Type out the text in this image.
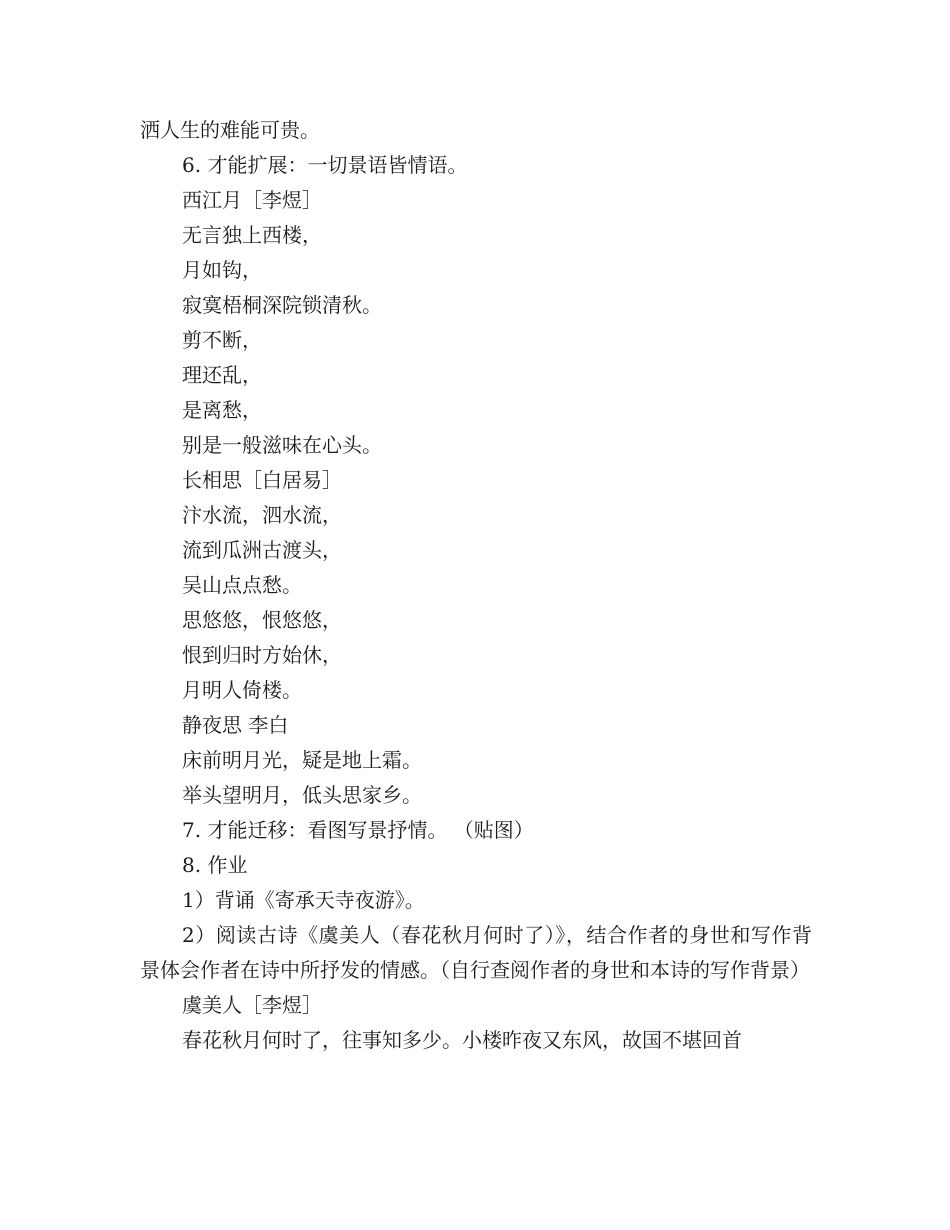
洒人生的难能可贵。

6. 才能扩展：一切景语皆情语。

西江月［李煜］

无言独上西楼，

月如钩，

寂寞梧桐深院锁清秋。

剪不断，

理还乱，

是离愁，

别是一般滋味在心头。

长相思［白居易］

汴水流，泗水流，

流到瓜洲古渡头，

吴山点点愁。

思悠悠，恨悠悠，

恨到归时方始休，

月明人倚楼。

静夜思 李白

床前明月光，疑是地上霜。

举头望明月，低头思家乡。

7. 才能迁移：看图写景抒情。 （贴图）

8. 作业

1）背诵《寄承天寺夜游》。

2）阅读古诗《虞美人（春花秋月何时了）》，结合作者的身世和写作背景体会作者在诗中所抒发的情感。（自行查阅作者的身世和本诗的写作背景）

虞美人［李煜］

春花秋月何时了，往事知多少。小楼昨夜又东风，故国不堪回首
